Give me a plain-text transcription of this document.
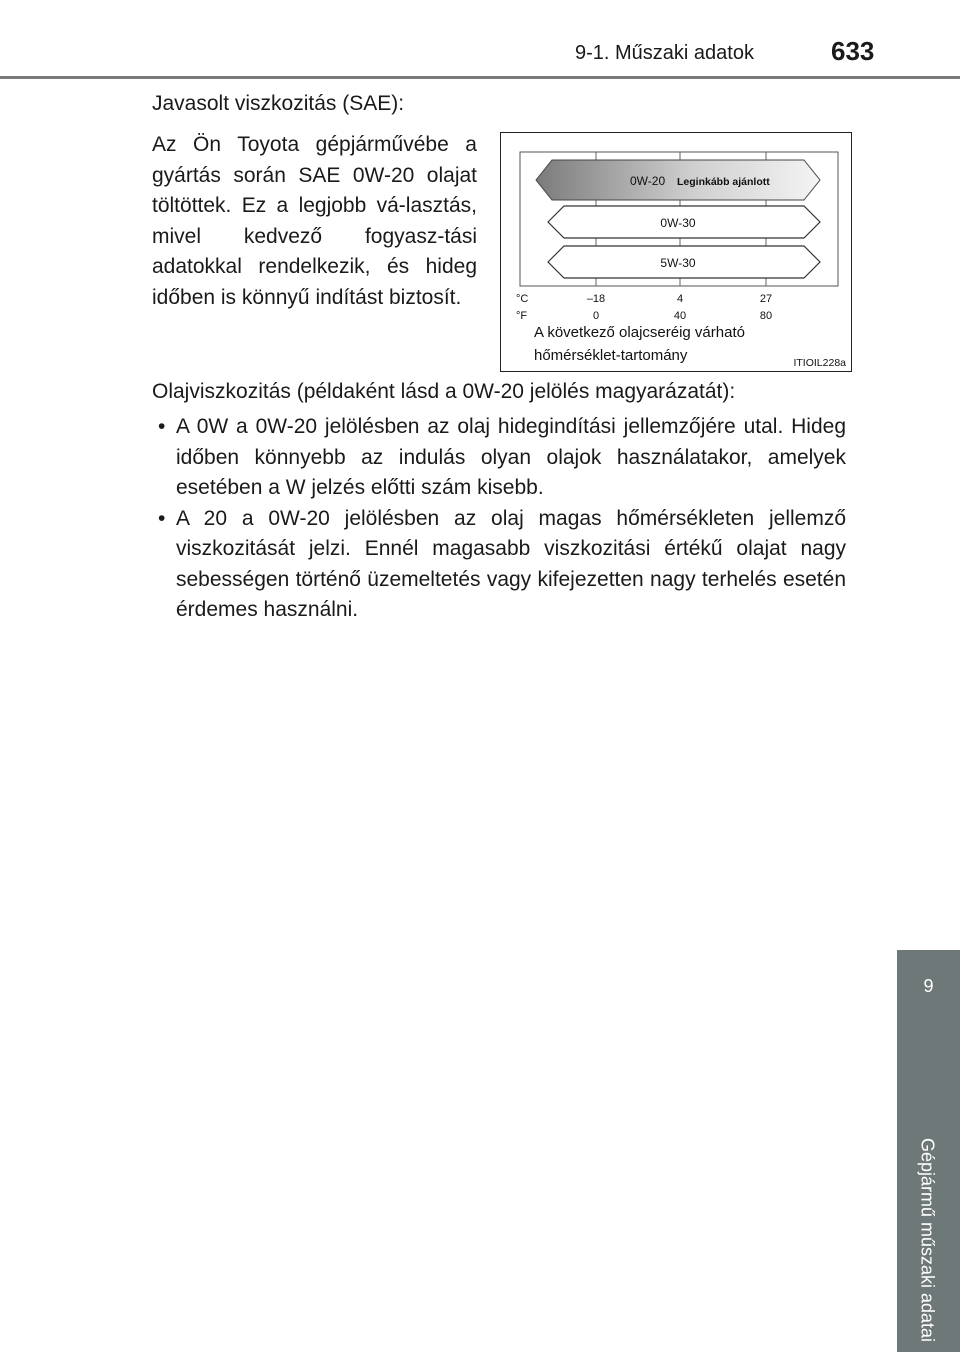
9-1. Műszaki adatok	633
9
Gépjármű műszaki adatai
Javasolt viszkozitás (SAE):
Az Ön Toyota gépjárművébe a gyártás során SAE 0W-20 olajat töltöttek. Ez a legjobb vá-lasztás, mivel kedvező fogyasz-tási adatokkal rendelkezik, és hideg időben is könnyű indítást biztosít.
0W-20 Leginkább ajánlott
0W-30
5W-30
°C
°F
–18	4	27
0	40	80
A következő olajcseréig várható
hőmérséklet-tartomány	ITIOIL228a
Olajviszkozitás (példaként lásd a 0W-20 jelölés magyarázatát):
• A 0W a 0W-20 jelölésben az olaj hidegindítási jellemzőjére utal. Hideg időben könnyebb az indulás olyan olajok használatakor, amelyek esetében a W jelzés előtti szám kisebb.
• A 20 a 0W-20 jelölésben az olaj magas hőmérsékleten jellemző viszkozitását jelzi. Ennél magasabb viszkozitási értékű olajat nagy sebességen történő üzemeltetés vagy kifejezetten nagy terhelés esetén érdemes használni.
